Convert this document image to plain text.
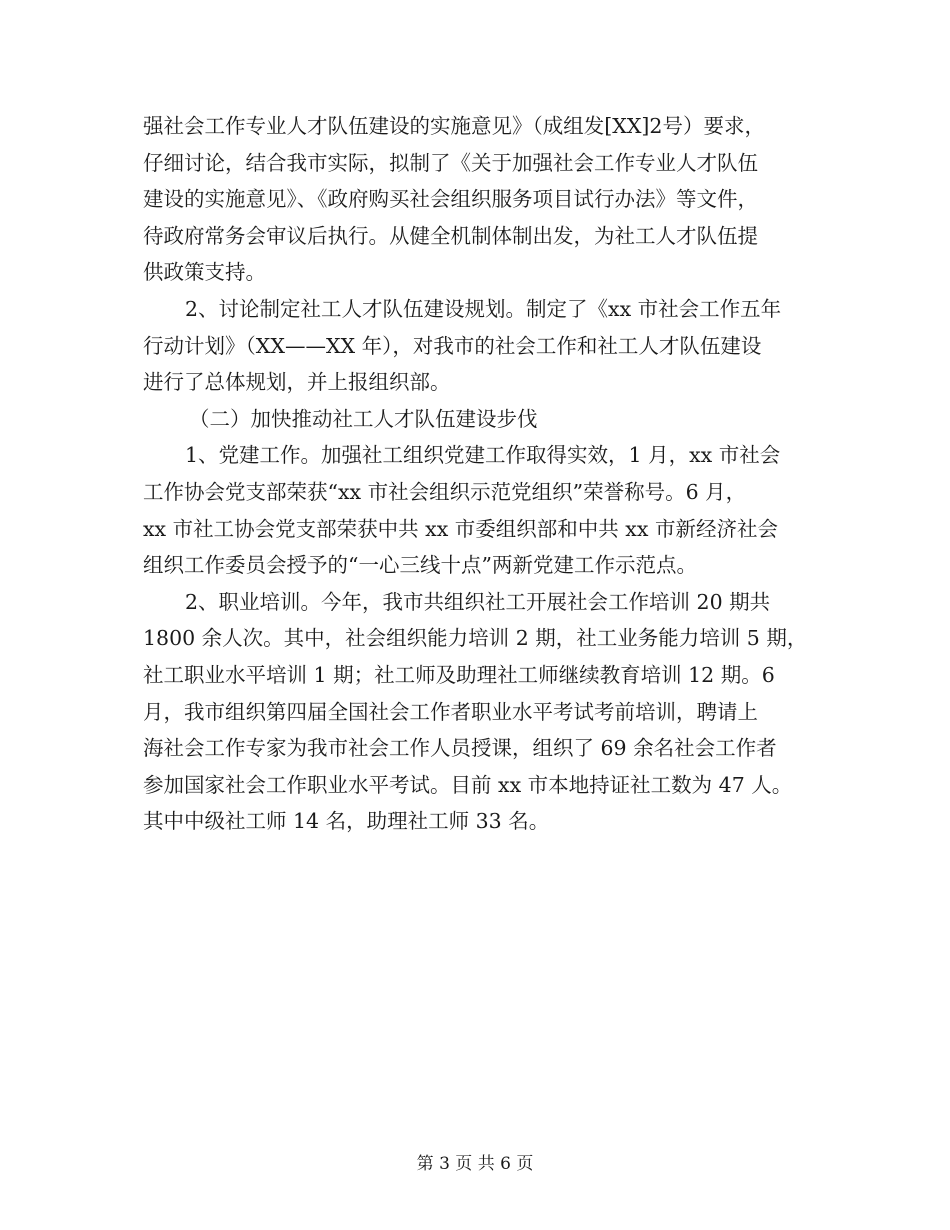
强社会工作专业人才队伍建设的实施意见》（成组发[XX]2号）要求，
仔细讨论，结合我市实际，拟制了《关于加强社会工作专业人才队伍
建设的实施意见》、《政府购买社会组织服务项目试行办法》等文件，
待政府常务会审议后执行。从健全机制体制出发，为社工人才队伍提
供政策支持。
2、讨论制定社工人才队伍建设规划。制定了《xx 市社会工作五年
行动计划》（XX——XX 年），对我市的社会工作和社工人才队伍建设
进行了总体规划，并上报组织部。
（二）加快推动社工人才队伍建设步伐
1、党建工作。加强社工组织党建工作取得实效，1 月，xx 市社会
工作协会党支部荣获“xx 市社会组织示范党组织”荣誉称号。6 月，
xx 市社工协会党支部荣获中共 xx 市委组织部和中共 xx 市新经济社会
组织工作委员会授予的“一心三线十点”两新党建工作示范点。
2、职业培训。今年，我市共组织社工开展社会工作培训 20 期共
1800 余人次。其中，社会组织能力培训 2 期，社工业务能力培训 5 期，
社工职业水平培训 1 期；社工师及助理社工师继续教育培训 12 期。6
月，我市组织第四届全国社会工作者职业水平考试考前培训，聘请上
海社会工作专家为我市社会工作人员授课，组织了 69 余名社会工作者
参加国家社会工作职业水平考试。目前 xx 市本地持证社工数为 47 人。
其中中级社工师 14 名，助理社工师 33 名。
第 3 页 共 6 页
